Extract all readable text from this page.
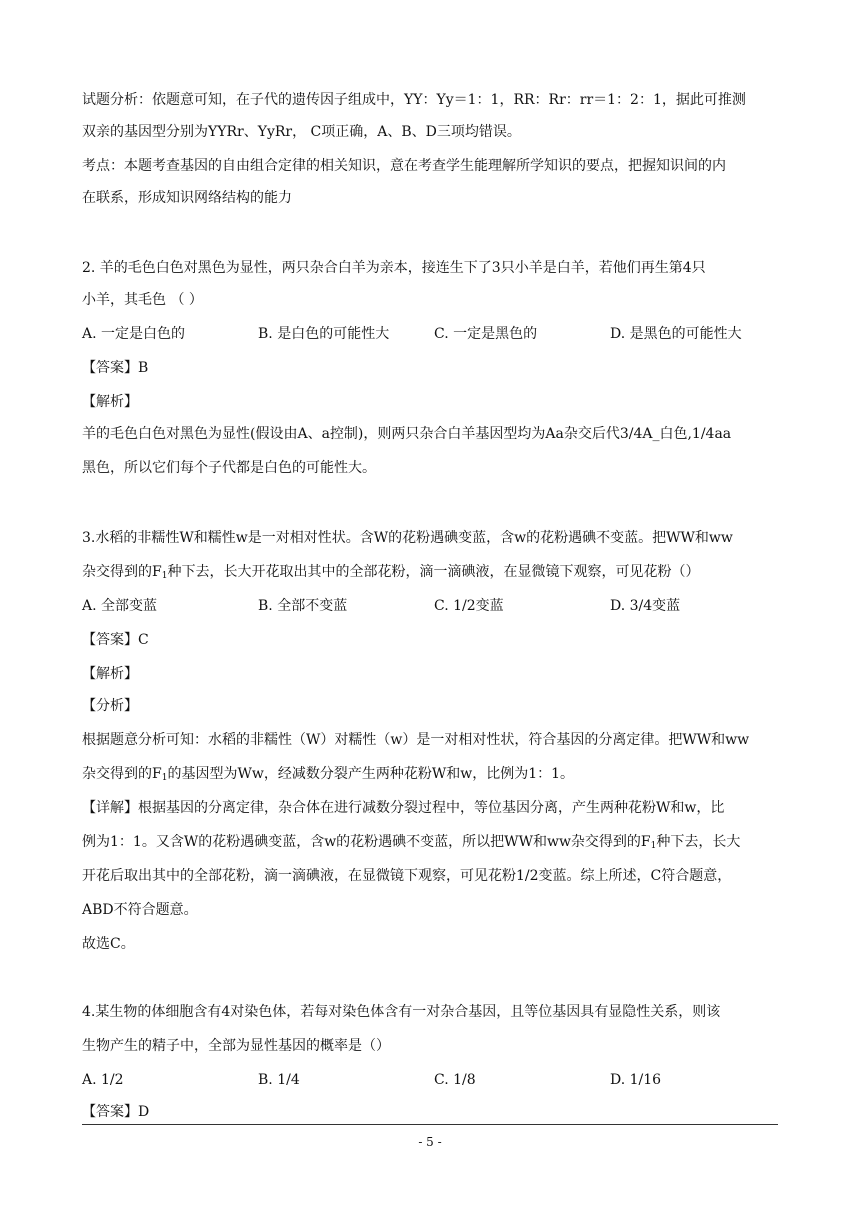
试题分析：依题意可知，在子代的遗传因子组成中，YY：Yy＝1：1，RR：Rr：rr＝1：2：1，据此可推测
双亲的基因型分别为YYRr、YyRr， C项正确，A、B、D三项均错误。
考点：本题考查基因的自由组合定律的相关知识，意在考查学生能理解所学知识的要点，把握知识间的内
在联系，形成知识网络结构的能力
2. 羊的毛色白色对黑色为显性，两只杂合白羊为亲本，接连生下了3只小羊是白羊，若他们再生第4只
小羊，其毛色 （ ）
A. 一定是白色的	B. 是白色的可能性大	C. 一定是黑色的	D. 是黑色的可能性大
【答案】B
【解析】
羊的毛色白色对黑色为显性(假设由A、a控制)，则两只杂合白羊基因型均为Aa杂交后代3/4A_白色,1/4aa
黑色，所以它们每个子代都是白色的可能性大。
3.水稻的非糯性W和糯性w是一对相对性状。含W的花粉遇碘变蓝，含w的花粉遇碘不变蓝。把WW和ww
杂交得到的$F_1$种下去，长大开花取出其中的全部花粉，滴一滴碘液，在显微镜下观察，可见花粉（）
A. 全部变蓝	B. 全部不变蓝	C. 1/2变蓝	D. 3/4变蓝
【答案】C
【解析】
【分析】
根据题意分析可知：水稻的非糯性（W）对糯性（w）是一对相对性状，符合基因的分离定律。把WW和ww
杂交得到的$F_1$的基因型为Ww，经减数分裂产生两种花粉W和w，比例为1：1。
【详解】根据基因的分离定律，杂合体在进行减数分裂过程中，等位基因分离，产生两种花粉W和w，比
例为1：1。又含W的花粉遇碘变蓝，含w的花粉遇碘不变蓝，所以把WW和ww杂交得到的$F_1$种下去，长大
开花后取出其中的全部花粉，滴一滴碘液，在显微镜下观察，可见花粉1/2变蓝。综上所述，C符合题意，
ABD不符合题意。
故选C。
4.某生物的体细胞含有4对染色体，若每对染色体含有一对杂合基因，且等位基因具有显隐性关系，则该
生物产生的精子中，全部为显性基因的概率是（）
A. 1/2	B. 1/4	C. 1/8	D. 1/16
【答案】D
- 5 -
